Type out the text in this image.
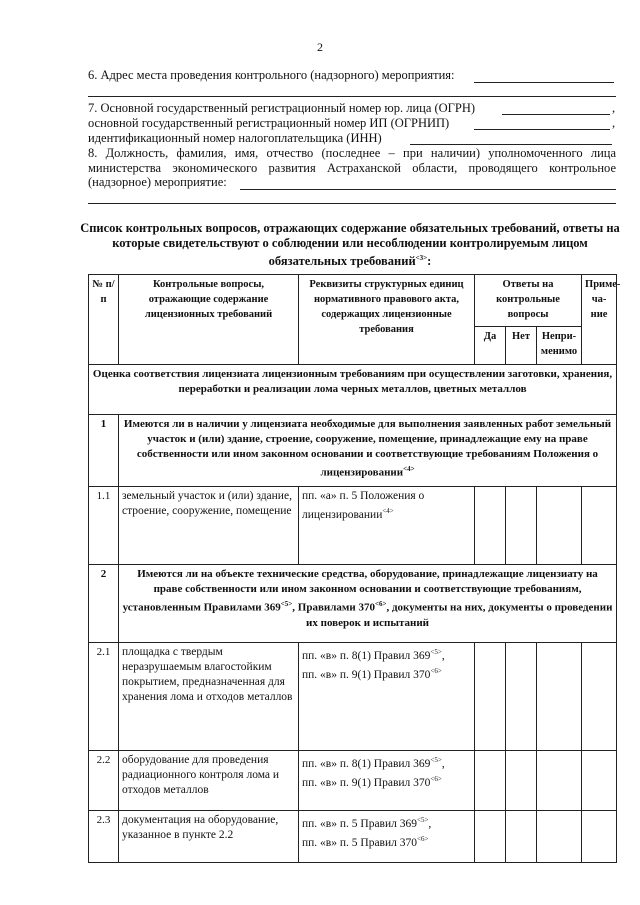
2
6. Адрес места проведения контрольного (надзорного) мероприятия:
7. Основной государственный регистрационный номер юр. лица (ОГРН)	,
основной государственный регистрационный номер ИП (ОГРНИП)	,
идентификационный номер налогоплательщика (ИНН)
8. Должность, фамилия, имя, отчество (последнее – при наличии) уполномоченного лица министерства экономического развития Астраханской области, проводящего контрольное (надзорное) мероприятие:
Список контрольных вопросов, отражающих содержание обязательных требований, ответы на которые свидетельствуют о соблюдении или несоблюдении контролируемым лицом обязательных требований$^{<3>}$:
№ п/п	Контрольные вопросы, отражающие содержание лицензионных требований	Реквизиты структурных единиц нормативного правового акта, содержащих лицензионные требования	Ответы на контрольные вопросы			Приме-ча-ние
			Да	Нет	Непри-менимо	
Оценка соответствия лицензиата лицензионным требованиям при осуществлении заготовки, хранения, переработки и реализации лома черных металлов, цветных металлов						
1	Имеются ли в наличии у лицензиата необходимые для выполнения заявленных работ земельный участок и (или) здание, строение, сооружение, помещение, принадлежащие ему на праве собственности или ином законном основании и соответствующие требованиям Положения о лицензировании$^{<4>}$
1.1	земельный участок и (или) здание, строение, сооружение, помещение	пп. «а» п. 5 Положения о лицензировании$^{<4>}$				
2	Имеются ли на объекте технические средства, оборудование, принадлежащие лицензиату на праве собственности или ином законном основании и соответствующие требованиям, установленным Правилами $369^{<5>}$, Правилами $370^{<6>}$, документы на них, документы о проведении их поверок и испытаний					
2.1	площадка с твердым неразрушаемым влагостойким покрытием, предназначенная для хранения лома и отходов металлов	пп. «в» п. 8(1) Правил $369^{<5>}$,
пп. «в» п. 9(1) Правил $370^{<6>}$				
2.2	оборудование для проведения радиационного контроля лома и отходов металлов	пп. «в» п. 8(1) Правил $369^{<5>}$,
пп. «в» п. 9(1) Правил $370^{<6>}$				
2.3	документация на оборудование, указанное в пункте 2.2	пп. «в» п. 5 Правил $369^{<5>}$,
пп. «в» п. 5 Правил $370^{<6>}$				
